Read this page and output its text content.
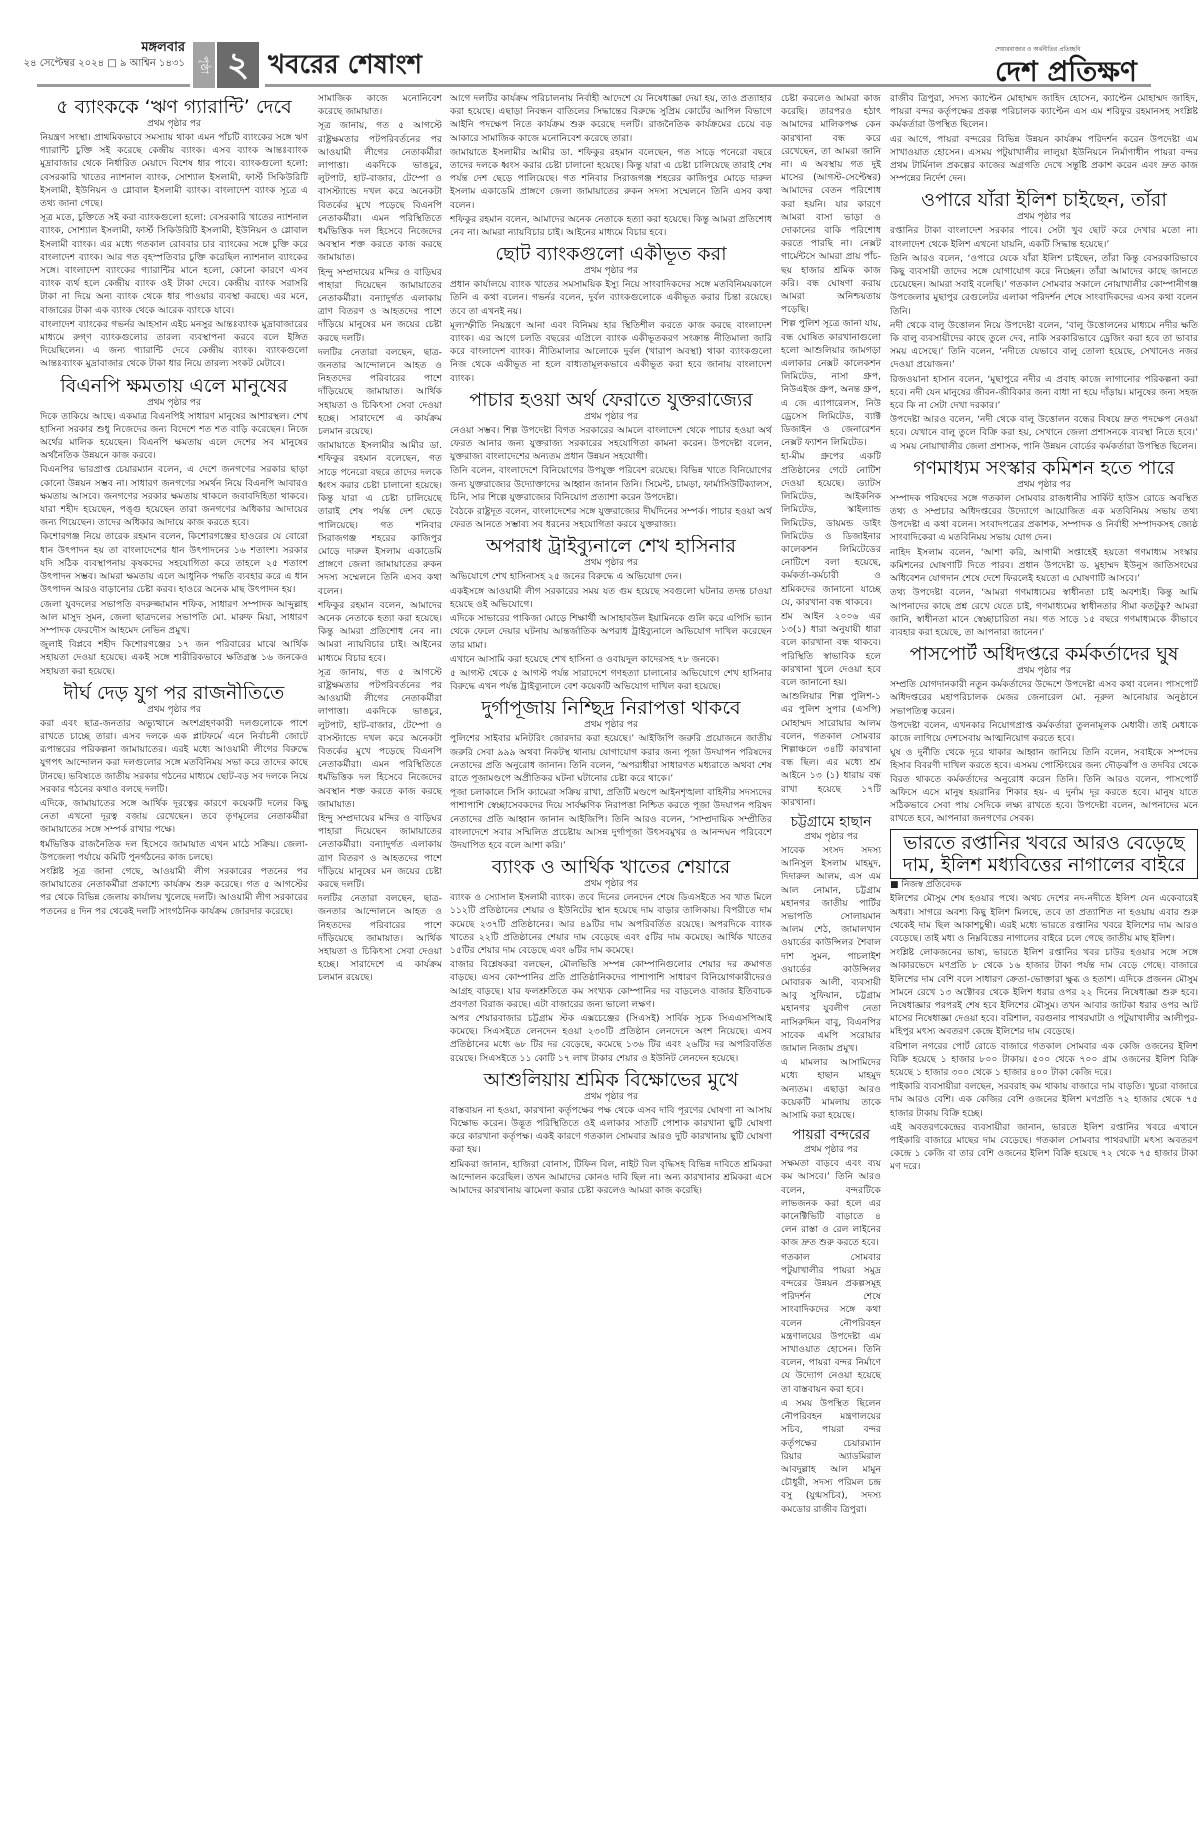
মঙ্গলবার
২৪ সেপ্টেম্বর ২০২৪ □ ৯ আশ্বিন ১৪৩১	পৃষ্ঠা ২ খবরের শেষাংশ
শেয়ারবাজার ও অর্থনীতির প্রতিচ্ছবি
দেশ প্রতিক্ষণ
৫ ব্যাংককে ‘ঋণ গ্যারান্টি’ দেবে
প্রথম পৃষ্ঠার পর

নিয়ন্ত্রণ সংস্থা। প্রাথমিকভাবে সমস্যায় থাকা এমন পাঁচটি ব্যাংকের সঙ্গে ঋণ গ্যারান্টি চুক্তি সই করেছে কেন্দ্রীয় ব্যাংক। এসব ব্যাংক আন্তঃব্যাংক মুদ্রাবাজার থেকে নির্ধারিত মেয়াদে বিশেষ ধার পাবে। ব্যাংকগুলো হলো: বেসরকারি খাতের ন্যাশনাল ব্যাংক, সোশ্যাল ইসলামী, ফার্স্ট সিকিউরিটি ইসলামী, ইউনিয়ন ও গ্লোবাল ইসলামী ব্যাংক। বাংলাদেশ ব্যাংক সূত্রে এ তথ্য জানা গেছে।

সূত্র মতে, চুক্তিতে সই করা ব্যাংকগুলো হলো: বেসরকারি খাতের ন্যাশনাল ব্যাংক, সোশ্যাল ইসলামী, ফার্স্ট সিকিউরিটি ইসলামী, ইউনিয়ন ও গ্লোবাল ইসলামী ব্যাংক। এর মধ্যে গতকাল রোববার চার ব্যাংকের সঙ্গে চুক্তি করে বাংলাদেশ ব্যাংক। আর গত বৃহস্পতিবার চুক্তি করেছিল ন্যাশনাল ব্যাংকের সঙ্গে। বাংলাদেশ ব্যাংকের গ্যারান্টির মানে হলো, কোনো কারণে এসব ব্যাংক ব্যর্থ হলে কেন্দ্রীয় ব্যাংক ওই টাকা দেবে। কেন্দ্রীয় ব্যাংক সরাসরি টাকা না দিয়ে অন্য ব্যাংক থেকে ধার পাওয়ার ব্যবস্থা করছে। এর মনে, বাজারের টাকা এক ব্যাংক থেকে আরেক ব্যাংকে যাবে।

বাংলাদেশ ব্যাংকের গভর্নর আহসান এইচ মনসুর আন্তঃব্যাংক মুদ্রাবাজারের মাধ্যমে রুগ্‌ণ ব্যাংকগুলোর তারল্য ব্যবস্থাপনা করবে বলে ইঙ্গিত দিয়েছিলেন। এ জন্য গ্যারান্টি দেবে কেন্দ্রীয় ব্যাংক। ব্যাংকগুলো আন্তঃব্যাংক মুদ্রাবাজার থেকে টাকা ধার নিয়ে তারল্য সংকট মেটাবে।

বিএনপি ক্ষমতায় এলে মানুষের
প্রথম পৃষ্ঠার পর

দিকে তাকিয়ে আছে। একমাত্র বিএনপিই সাধারণ মানুষের আশারস্থল। শেখ হাসিনা সরকার শুধু নিজেদের জন্য বিদেশে শত শত বাড়ি করেছেন। নিজে অর্থের মালিক হয়েছেন। বিএনপি ক্ষমতায় এলে দেশের সব মানুষের অর্থনৈতিক উন্নয়নে কাজ করবে।

বিএনপির ভারপ্রাপ্ত চেয়ারম্যান বলেন, এ দেশে জনগণের সরকার ছাড়া কোনো উন্নয়ন সম্ভব না। সাধারণ জনগণের সমর্থন নিয়ে বিএনপি আবারও ক্ষমতায় আসবে। জনগণের সরকার ক্ষমতায় থাকলে জবাবদিহিতা থাকবে। যারা শহীদ হয়েছেন, পঙ্গু হয়েছেন তারা জনগণের অধিকার আদায়ের জন্য গিয়েছেন। তাদের অধিকার আদায়ে কাজ করতে হবে।

কিশোরগঞ্জ নিয়ে তারেক রহমান বলেন, কিশোরগঞ্জের হাওরের যে বোরো ধান উৎপাদন হয় তা বাংলাদেশের ধান উৎপাদনের ১৬ শতাংশ। সরকার যদি সঠিক ব্যবস্থাপনায় কৃষকদের সহযোগিতা করে তাহলে ২৫ শতাংশ উৎপাদন সম্ভব। আমরা ক্ষমতায় এলে আধুনিক পদ্ধতি ব্যবহার করে এ ধান উৎপাদন আরও বাড়ানোর চেষ্টা করব। হাওরে অনেক মাছ উৎপাদন হয়।

জেলা যুবদলের সভাপতি বদরুজ্জামান শফিক, সাধারণ সম্পাদক আব্দুল্লাহ আল মাসুদ সুমন, জেলা ছাত্রদলের সভাপতি মো. মারুফ মিয়া, সাধারণ সম্পাদক ফেরদৌস আহমেদ নেভিন প্রমুখ।

জুলাই বিপ্লবে শহীদ কিশোরগঞ্জের ১৭ জন পরিবারের মাঝে আর্থিক সহায়তা দেওয়া হয়েছে। একই সঙ্গে শারীরিকভাবে ক্ষতিগ্রস্ত ১৬ জনকেও সহায়তা করা হয়েছে।

দীর্ঘ দেড় যুগ পর রাজনীতিতে
প্রথম পৃষ্ঠার পর

করা এবং ছাত্র-জনতার অভ্যুত্থানে অংশগ্রহণকারী দলগুলোকে পাশে রাখতে চাচ্ছে তারা। এসব দলকে এক প্লাটফর্মে এনে নির্বাচনী জোটে রূপান্তরের পরিকল্পনা জামায়াতের। এরই মধ্যে আওয়ামী লীগের বিরুদ্ধে যুগপৎ আন্দোলন করা দলগুলোর সঙ্গে মতবিনিময় সভা করে তাদের কাছে টানছে। ভবিষ্যতে জাতীয় সরকার গঠনের মাধ্যমে ছোট-বড় সব দলকে নিয়ে সরকার গঠনের কথাও বলছে দলটি।

এদিকে, জামায়াতের সঙ্গে আর্থিক দূরত্বের কারণে কয়েকটি দলের কিছু নেতা এখনো দূরত্ব বজায় রেখেছেন। তবে তৃণমূলের নেতাকর্মীরা জামায়াতের সঙ্গে সম্পর্ক রাখার পক্ষে।

ধর্মভিত্তিক রাজনৈতিক দল হিসেবে জামায়াত এখন মাঠে সক্রিয়। জেলা-উপজেলা পর্যায়ে কমিটি পুনর্গঠনের কাজ চলছে।

সংশ্লিষ্ট সূত্র জানা গেছে, আওয়ামী লীগ সরকারের পতনের পর জামায়াতের নেতাকর্মীরা প্রকাশ্যে কার্যক্রম শুরু করেছে। গত ৫ আগস্টের পর থেকে বিভিন্ন জেলায় কার্যালয় খুলেছে দলটি। আওয়ামী লীগ সরকারের পতনের ৪ দিন পর থেকেই দলটি সাংগঠনিক কার্যক্রম জোরদার করেছে।

সামাজিক কাজে মনোনিবেশ করেছে জামায়াত।

সূত্র জানায়, গত ৫ আগস্টে রাষ্ট্রক্ষমতার পটপরিবর্তনের পর আওয়ামী লীগের নেতাকর্মীরা লাপাত্তা। একদিকে ভাঙচুর, লুটপাট, হাট-বাজার, টেম্পো ও বাসস্ট্যান্ডে দখল করে অনেকটা বিতর্কের মুখে পড়েছে বিএনপি নেতাকর্মীরা। এমন পরিস্থিতিতে ধর্মভিত্তিক দল হিসেবে নিজেদের অবস্থান শক্ত করতে কাজ করছে জামায়াত।

হিন্দু সম্প্রদায়ের মন্দির ও বাড়িঘর পাহারা দিয়েছেন জামায়াতের নেতাকর্মীরা। বন্যাদুর্গত এলাকায় ত্রাণ বিতরণ ও আহতদের পাশে দাঁড়িয়ে মানুষের মন জয়ের চেষ্টা করছে দলটি।

দলটির নেতারা বলছেন, ছাত্র-জনতার আন্দোলনে আহত ও নিহতদের পরিবারের পাশে দাঁড়িয়েছে জামায়াত। আর্থিক সহায়তা ও চিকিৎসা সেবা দেওয়া হচ্ছে। সারাদেশে এ কার্যক্রম চলমান রয়েছে।

জামায়াতে ইসলামীর আমীর ডা. শফিকুর রহমান বলেছেন, গত সাড়ে পনেরো বছরে তাদের দলকে ধ্বংস করার চেষ্টা চালানো হয়েছে। কিন্তু যারা এ চেষ্টা চালিয়েছে তারাই শেষ পর্যন্ত দেশ ছেড়ে পালিয়েছে। গত শনিবার সিরাজগঞ্জ শহরের কাজিপুর মোড়ে দারুল ইসলাম একাডেমি প্রাঙ্গণে জেলা জামায়াতের রুকন সদস্য সম্মেলনে তিনি এসব কথা বলেন।

শফিকুর রহমান বলেন, আমাদের অনেক নেতাকে হত্যা করা হয়েছে। কিন্তু আমরা প্রতিশোধ নেব না। আমরা ন্যায়বিচার চাই। আইনের মাধ্যমে বিচার হবে।

সূত্র জানায়, গত ৫ আগস্টে রাষ্ট্রক্ষমতার পটপরিবর্তনের পর আওয়ামী লীগের নেতাকর্মীরা লাপাত্তা। একদিকে ভাঙচুর, লুটপাট, হাট-বাজার, টেম্পো ও বাসস্ট্যান্ডে দখল করে অনেকটা বিতর্কের মুখে পড়েছে বিএনপি নেতাকর্মীরা। এমন পরিস্থিতিতে ধর্মভিত্তিক দল হিসেবে নিজেদের অবস্থান শক্ত করতে কাজ করছে জামায়াত।

হিন্দু সম্প্রদায়ের মন্দির ও বাড়িঘর পাহারা দিয়েছেন জামায়াতের নেতাকর্মীরা। বন্যাদুর্গত এলাকায় ত্রাণ বিতরণ ও আহতদের পাশে দাঁড়িয়ে মানুষের মন জয়ের চেষ্টা করছে দলটি।

দলটির নেতারা বলছেন, ছাত্র-জনতার আন্দোলনে আহত ও নিহতদের পরিবারের পাশে দাঁড়িয়েছে জামায়াত। আর্থিক সহায়তা ও চিকিৎসা সেবা দেওয়া হচ্ছে। সারাদেশে এ কার্যক্রম চলমান রয়েছে।

আগে দলটির কার্যক্রম পরিচালনায় নির্বাহী আদেশে যে নিষেধাজ্ঞা দেয়া হয়, তাও প্রত্যাহার করা হয়েছে। এছাড়া নিবন্ধন বাতিলের সিদ্ধান্তের বিরুদ্ধে সুপ্রিম কোর্টের আপিল বিভাগে আইনি পদক্ষেপ নিতে কার্যক্রম শুরু করেছে দলটি। রাজনৈতিক কার্যক্রমের চেয়ে বড় আকারে সামাজিক কাজে মনোনিবেশ করেছে তারা।

জামায়াতে ইসলামীর আমীর ডা. শফিকুর রহমান বলেছেন, গত সাড়ে পনেরো বছরে তাদের দলকে ধ্বংস করার চেষ্টা চালানো হয়েছে। কিন্তু যারা এ চেষ্টা চালিয়েছে তারাই শেষ পর্যন্ত দেশ ছেড়ে পালিয়েছে। গত শনিবার সিরাজগঞ্জ শহরের কাজিপুর মোড়ে দারুল ইসলাম একাডেমি প্রাঙ্গণে জেলা জামায়াতের রুকন সদস্য সম্মেলনে তিনি এসব কথা বলেন।

শফিকুর রহমান বলেন, আমাদের অনেক নেতাকে হত্যা করা হয়েছে। কিন্তু আমরা প্রতিশোধ নেব না। আমরা ন্যায়বিচার চাই। আইনের মাধ্যমে বিচার হবে।

ছোট ব্যাংকগুলো একীভূত করা
প্রথম পৃষ্ঠার পর

প্রধান কার্যালয়ে ব্যাংক খাতের সমসাময়িক ইস্যু নিয়ে সাংবাদিকদের সঙ্গে মতবিনিময়কালে তিনি এ কথা বলেন। গভর্নর বলেন, দুর্বল ব্যাংকগুলোকে একীভূত করার চিন্তা রয়েছে। তবে তা এখনই নয়।

মূল্যস্ফীতি নিয়ন্ত্রণে আনা এবং বিনিময় হার স্থিতিশীল করতে কাজ করছে বাংলাদেশ ব্যাংক। এর আগে চলতি বছরের এপ্রিলে ব্যাংক একীভূতকরণ সংক্রান্ত নীতিমালা জারি করে বাংলাদেশ ব্যাংক। নীতিমালার আলোকে দুর্বল (খারাপ অবস্থা) থাকা ব্যাংকগুলো নিজ থেকে একীভূত না হলে বাধ্যতামূলকভাবে একীভূত করা হবে জানায় বাংলাদেশ ব্যাংক।

পাচার হওয়া অর্থ ফেরাতে যুক্তরাজ্যের
প্রথম পৃষ্ঠার পর

নেওয়া সম্ভব। শিল্প উপদেষ্টা বিগত সরকারের আমলে বাংলাদেশ থেকে পাচার হওয়া অর্থ ফেরত আনার জন্য যুক্তরাজ্য সরকারের সহযোগিতা কামনা করেন। উপদেষ্টা বলেন, যুক্তরাজ্য বাংলাদেশের অন্যতম প্রধান উন্নয়ন সহযোগী।

তিনি বলেন, বাংলাদেশে বিনিয়োগের উপযুক্ত পরিবেশ রয়েছে। বিভিন্ন খাতে বিনিয়োগের জন্য যুক্তরাজ্যের উদ্যোক্তাদের আহ্বান জানান তিনি। সিমেন্ট, চামড়া, ফার্মাসিউটিক্যালস, চিনি, সার শিল্পে যুক্তরাজ্যের বিনিয়োগ প্রত্যাশা করেন উপদেষ্টা।

বৈঠকে রাষ্ট্রদূত বলেন, বাংলাদেশের সঙ্গে যুক্তরাজ্যের দীর্ঘদিনের সম্পর্ক। পাচার হওয়া অর্থ ফেরত আনতে সম্ভাব্য সব ধরনের সহযোগিতা করবে যুক্তরাজ্য।

অপরাধ ট্রাইব্যুনালে শেখ হাসিনার
প্রথম পৃষ্ঠার পর

অভিযোগে শেখ হাসিনাসহ ২৫ জনের বিরুদ্ধে এ অভিযোগ দেন।

একইসঙ্গে আওয়ামী লীগ সরকারের সময় যত গুম হয়েছে সবগুলো ঘটনার তদন্ত চাওয়া হয়েছে ওই অভিযোগে।

এদিকে সাভারের পাকিজা মোড়ে শিক্ষার্থী আসাহাবউল ইয়ামিনকে গুলি করে এপিসি ভ্যান থেকে ফেলে দেয়ার ঘটনায় আন্তর্জাতিক অপরাধ ট্রাইব্যুনালে অভিযোগ দাখিল করেছেন তার মামা।

এখানে আসামি করা হয়েছে শেখ হাসিনা ও ওবায়দুল কাদেরসহ ৭৮ জনকে।

৫ আগস্ট থেকে ৫ আগস্ট পর্যন্ত সারাদেশে গণহত্যা চালানোর অভিযোগে শেখ হাসিনার বিরুদ্ধে এখন পর্যন্ত ট্রাইব্যুনালে বেশ কয়েকটি অভিযোগ দাখিল করা হয়েছে।

দুর্গাপূজায় নিশ্ছিদ্র নিরাপত্তা থাকবে
প্রথম পৃষ্ঠার পর

পুলিশের সাইবার মনিটরিং জোরদার করা হয়েছে।’ আইজিপি জরুরি প্রয়োজনে জাতীয় জরুরি সেবা ৯৯৯ অথবা নিকটস্থ থানায় যোগাযোগ করার জন্য পূজা উদযাপন পরিষদের নেতাদের প্রতি অনুরোধ জানান। তিনি বলেন, ‘অপরাধীরা সাধারণত মধ্যরাতে অথবা শেষ রাতে পূজামণ্ডপে অপ্রীতিকর ঘটনা ঘটানোর চেষ্টা করে থাকে।’

পূজা চলাকালে সিসি ক্যামেরা সক্রিয় রাখা, প্রতিটি মণ্ডপে আইনশৃঙ্খলা বাহিনীর সদস্যদের পাশাপাশি স্বেচ্ছাসেবকদের দিয়ে সার্বক্ষণিক নিরাপত্তা নিশ্চিত করতে পূজা উদযাপন পরিষদ নেতাদের প্রতি আহ্বান জানান আইজিপি। তিনি আরও বলেন, ‘সাম্প্রদায়িক সম্প্রীতির বাংলাদেশে সবার সম্মিলিত প্রচেষ্টায় আসন্ন দুর্গাপূজা উৎসবমুখর ও আনন্দঘন পরিবেশে উদযাপিত হবে বলে আশা করি।’

ব্যাংক ও আর্থিক খাতের শেয়ারে
প্রথম পৃষ্ঠার পর

ব্যাংক ও স্যোসাল ইসলামী ব্যাংক। তবে দিনের লেনদেন শেষে ডিএসইতে সব খাত মিলে ১১২টি প্রতিষ্ঠানের শেয়ার ও ইউনিটের স্থান হয়েছে দাম বাড়ার তালিকায়। বিপরীতে দাম কমেছে ২৩৭টি প্রতিষ্ঠানের। আর ৪৯টির দাম অপরিবর্তিত রয়েছে। অপরদিকে ব্যাংক খাতের ২২টি প্রতিষ্ঠানের শেয়ার দাম বেড়েছে এবং ৫টির দাম কমেছে। আর্থিক খাতের ১৫টির শেয়ার দাম বেড়েছে এবং ৬টির দাম কমেছে।

বাজার বিশ্লেষকরা বলছেন, মৌলভিত্তি সম্পন্ন কোম্পানিগুলোর শেয়ার দর ক্রমাগত বাড়ছে। এসব কোম্পানির প্রতি প্রাতিষ্ঠানিকদের পাশাপাশি সাধারণ বিনিয়োগকারীদেরও আগ্রহ বাড়ছে। যার ফলশ্রুতিতে কম সংখ্যক কোম্পানির দর বাড়লেও বাজার ইতিবাচক প্রবণতা বিরাজ করছে। এটা বাজারের জন্য ভালো লক্ষণ।

অপর শেয়ারবাজার চট্টগ্রাম স্টক এক্সচেঞ্জের (সিএসই) সার্বিক সূচক সিএএসপিআই কমেছে। সিএসইতে লেনদেন হওয়া ২৩০টি প্রতিষ্ঠান লেনদেনে অংশ নিয়েছে। এসব প্রতিষ্ঠানের মধ্যে ৬৮ টির দর বেড়েছে, কমেছে ১৩৬ টির এবং ২৬টির দর অপরিবর্তিত রয়েছে। সিএসইতে ১১ কোটি ১৭ লাখ টাকার শেয়ার ও ইউনিট লেনদেন হয়েছে।

আশুলিয়ায় শ্রমিক বিক্ষোভের মুখে
প্রথম পৃষ্ঠার পর

বাস্তবায়ন না হওয়া, কারখানা কর্তৃপক্ষের পক্ষ থেকে এসব দাবি পূরণের ঘোষণা না আসায় বিক্ষোভ করেন। উদ্ভূত পরিস্থিতিতে ওই এলাকার সাতটি পোশাক কারখানা ছুটি ঘোষণা করে কারখানা কর্তৃপক্ষ। একই কারণে গতকাল সোমবার আরও দুটি কারখানায় ছুটি ঘোষণা করা হয়।

শ্রমিকরা জানান, হাজিরা বোনাস, টিফিন বিল, নাইট বিল বৃদ্ধিসহ বিভিন্ন দাবিতে শ্রমিকরা আন্দোলন করেছিল। তখন আমাদের কোনও দাবি ছিল না। অন্য কারখানার শ্রমিকরা এসে আমাদের কারখানায় ঝামেলা করার চেষ্টা করলেও আমরা কাজ করেছি।

চেষ্টা করলেও আমরা কাজ করেছি। তারপরও হঠাৎ আমাদের মালিকপক্ষ কেন কারখানা বন্ধ করে রেখেছেন, তা আমরা জানি না। এ অবস্থায় গত দুই মাসের (আগস্ট-সেপ্টেম্বর) আমাদের বেতন পরিশোধ করা হয়নি। যার কারণে আমরা বাসা ভাড়া ও দোকানের বাকি পরিশোধ করতে পারছি না। নেক্সট গার্মেন্টসে আমরা প্রায় পাঁচ-ছয় হাজার শ্রমিক কাজ করি। বন্ধ ঘোষণা করায় আমরা অনিশ্চয়তায় পড়েছি।

শিল্প পুলিশ সূত্রে জানা যায়, বন্ধ ঘোষিত কারখানাগুলো হলো আশুলিয়ার জামগড়া এলাকার নেক্সট কালেকশন লিমিটেড, নাসা গ্রুপ, নিউএইজ গ্রুপ, অনন্ত গ্রুপ, এ জে এ্যাপারেলস, নিউ ড্রেসেস লিমিটেড, ব্যাক্ট ডিজাইন ও জেনারেশন নেক্সট ফ্যাশন লিমিটেড।

হা-মীম গ্রুপের একটি প্রতিষ্ঠানের গেটে নোটিশ দেওয়া হয়েছে। ড্যাটস লিমিটেড, আইকনিক লিমিটেড, স্কাইল্যান্ড লিমিটেড, ডায়মন্ড ডাইং লিমিটেড ও ডিজাইনার কালেকশন লিমিটেডের নোটিশে বলা হয়েছে, কর্মকর্তা-কর্মচারী ও শ্রমিকদের জানানো যাচ্ছে যে, কারখানা বন্ধ থাকবে।

শ্রম আইন ২০০৬ এর ১৩(১) ধারা অনুযায়ী ধারা বলে কারখানা বন্ধ থাকবে। পরিস্থিতি স্বাভাবিক হলে কারখানা খুলে দেওয়া হবে বলে জানানো হয়।

আশুলিয়ার শিল্প পুলিশ-১ এর পুলিশ সুপার (এসপি) মোহাম্মদ সারোয়ার আলম বলেন, গতকাল সোমবার শিল্পাঞ্চলে ৩৪টি কারখানা বন্ধ ছিল। এর মধ্যে শ্রম আইনে ১৩ (১) ধারায় বন্ধ রাখা হয়েছে ১৭টি কারখানা।

চট্টগ্রামে হাছান
প্রথম পৃষ্ঠার পর

সাবেক সংসদ সদস্য আনিসুল ইসলাম মাহমুদ, দিদারুল আলম, এস এম আল নোমান, চট্টগ্রাম মহানগর জাতীয় পার্টির সভাপতি সোলায়মান আলম শেঠ, জামালখান ওয়ার্ডের কাউন্সিলর শৈবাল দাশ সুমন, পাচলাইশ ওয়ার্ডের কাউন্সিলর মোবারক আলী, ব্যবসায়ী আবু সুফিয়ান, চট্টগ্রাম মহানগর যুবলীগ নেতা নাসিরুদ্দিন বাবু, বিএনপির সাবেক এমপি সরোয়ার জামাল নিজাম প্রমুখ।

এ মামলার আসামিদের মধ্যে হাছান মাহমুদ অন্যতম। এছাড়া আরও কয়েকটি মামলায় তাকে আসামি করা হয়েছে।

পায়রা বন্দরের
প্রথম পৃষ্ঠার পর

সক্ষমতা বাড়বে এবং ব্যয় কম আসবে।’ তিনি আরও বলেন, বন্দরটিকে লাভজনক করা হলে এর কানেক্টিভিটি বাড়াতে ৪ লেন রাস্তা ও রেল লাইনের কাজ দ্রুত শুরু করতে হবে।

গতকাল সোমবার পটুয়াখালীর পায়রা সমুদ্র বন্দরের উন্নয়ন প্রকল্পসমূহ পরিদর্শন শেষে সাংবাদিকদের সঙ্গে কথা বলেন নৌপরিবহন মন্ত্রণালয়ের উপদেষ্টা এম সাখাওয়াত হোসেন। তিনি বলেন, পায়রা বন্দর নির্মাণে যে উদ্যোগ নেওয়া হয়েছে তা বাস্তবায়ন করা হবে।

এ সময় উপস্থিত ছিলেন নৌপরিবহন মন্ত্রণালয়ের সচিব, পায়রা বন্দর কর্তৃপক্ষের চেয়ারম্যান রিয়ার অ্যাডমিরাল আবদুল্লাহ আল মামুন চৌধুরী, সদস্য পরিমল চন্দ্র বসু (যুগ্মসচিব), সদস্য কমডোর রাজীব ত্রিপুরা।

রাজীব ত্রিপুরা, সদস্য ক্যাপ্টেন মোহাম্মদ জাহিদ হোসেন, ক্যাপ্টেন মোহাম্মদ জাহিদ, পায়রা বন্দর কর্তৃপক্ষের প্রকল্প পরিচালক ক্যাপ্টেন এস এম শরিফুর রহমানসহ সংশ্লিষ্ট কর্মকর্তারা উপস্থিত ছিলেন।

এর আগে, পায়রা বন্দরের বিভিন্ন উন্নয়ন কার্যক্রম পরিদর্শন করেন উপদেষ্টা এম সাখাওয়াত হোসেন। এসময় পটুয়াখালীর লালুয়া ইউনিয়নে নির্মাণাধীন পায়রা বন্দর প্রথম টার্মিনাল প্রকল্পের কাজের অগ্রগতি দেখে সন্তুষ্টি প্রকাশ করেন এবং দ্রুত কাজ সম্পন্নের নির্দেশ দেন।

ওপারে যাঁরা ইলিশ চাইছেন, তাঁরা
প্রথম পৃষ্ঠার পর

রপ্তানির টাকা বাংলাদেশ সরকার পাবে। সেটা খুব ছোট করে দেখার মতো না। বাংলাদেশ থেকে ইলিশ এখনো যায়নি, একটি সিদ্ধান্ত হয়েছে।’

তিনি আরও বলেন, ‘ওপারে যেকে যাঁরা ইলিশ চাইছেন, তাঁরা কিন্তু বেসরকারিভাবে কিছু ব্যবসায়ী তাদের সঙ্গে যোগাযোগ করে নিচ্ছেন। তাঁরা আমাদের কাছে জানতে চেয়েছেন। আমরা সবাই বলেছি।’ গতকাল সোমবার সকালে নোয়াখালীর কোম্পানীগঞ্জ উপজেলার মুছাপুর রেগুলেটর এলাকা পরিদর্শন শেষে সাংবাদিকদের এসব কথা বলেন তিনি।

নদী থেকে বালু উত্তোলন নিয়ে উপদেষ্টা বলেন, ‘বালু উত্তোলনের মাধ্যমে নদীর ক্ষতি কি বালু ব্যবসায়ীদের কাছে তুলে দেব, নাকি সরকারিভাবে ড্রেজিং করা হবে তা ভাবার সময় এসেছে।’ তিনি বলেন, ‘নদীতে যেভাবে বালু তোলা হয়েছে, সেখানেও নজর দেওয়া প্রয়োজন।’

রিজওয়ানা হাসান বলেন, ‘মুছাপুরে নদীর এ প্রবাহ কাজে লাগানোর পরিকল্পনা করা হবে। নদী যেন মানুষের জীবন-জীবিকার জন্য বাধা না হয়ে দাঁড়ায়। মানুষের জন্য সহজ হবে কি না সেটা দেখা দরকার।’

উপদেষ্টা আরও বলেন, ‘নদী থেকে বালু উত্তোলন বন্ধের বিষয়ে দ্রুত পদক্ষেপ নেওয়া হবে। যেখানে বালু তুলে বিক্রি করা হয়, সেখানে জেলা প্রশাসনকে ব্যবস্থা নিতে হবে।’ এ সময় নোয়াখালীর জেলা প্রশাসক, পানি উন্নয়ন বোর্ডের কর্মকর্তারা উপস্থিত ছিলেন।

গণমাধ্যম সংস্কার কমিশন হতে পারে
প্রথম পৃষ্ঠার পর

সম্পাদক পরিষদের সঙ্গে গতকাল সোমবার রাজধানীর সার্কিট হাউস রোডে অবস্থিত তথ্য ও সম্প্রচার অধিদপ্তরের উদ্যোগে আয়োজিত এক মতবিনিময় সভায় তথ্য উপদেষ্টা এ কথা বলেন। সংবাদপত্রের প্রকাশক, সম্পাদক ও নির্বাহী সম্পাদকসহ জ্যেষ্ঠ সাংবাদিকেরা এ মতবিনিময় সভায় যোগ দেন।

নাহিদ ইসলাম বলেন, ‘আশা করি, আগামী সপ্তাহেই হয়তো গণমাধ্যম সংস্কার কমিশনের ঘোষণাটি দিতে পারব। প্রধান উপদেষ্টা ড. মুহাম্মদ ইউনুস জাতিসংঘের অধিবেশন যোগদান শেষে দেশে ফিরলেই হয়তো এ ঘোষণাটি আসবে।’

তথ্য উপদেষ্টা বলেন, ‘আমরা গণমাধ্যমের স্বাধীনতা চাই অবশ্যই। কিন্তু আমি আপনাদের কাছে প্রশ্ন রেখে যেতে চাই, গণমাধ্যমের স্বাধীনতার সীমা কতটুকু? আমরা জানি, স্বাধীনতা মানে স্বেচ্ছাচারিতা নয়। গত সাড়ে ১৫ বছরে গণমাধ্যমকে কীভাবে ব্যবহার করা হয়েছে, তা আপনারা জানেন।’

পাসপোর্ট অধিদপ্তরে কর্মকর্তাদের ঘুষ
প্রথম পৃষ্ঠার পর

সম্প্রতি যোগদানকারী নতুন কর্মকর্তাদের উদ্দেশে উপদেষ্টা এসব কথা বলেন। পাসপোর্ট অধিদপ্তরের মহাপরিচালক মেজর জেনারেল মো. নূরুল আনোয়ার অনুষ্ঠানে সভাপতিত্ব করেন।

উপদেষ্টা বলেন, এখনকার নিয়োগপ্রাপ্ত কর্মকর্তারা তুলনামূলক মেধাবী। তাই মেধাকে কাজে লাগিয়ে দেশসেবায় আত্মনিয়োগ করতে হবে।

ঘুষ ও দুর্নীতি থেকে দূরে থাকার আহ্বান জানিয়ে তিনি বলেন, সবাইকে সম্পদের হিসাব বিবরণী দাখিল করতে হবে। এসময় পোস্টিংয়ের জন্য দৌড়ঝাঁপ ও তদবির থেকে বিরত থাকতে কর্মকর্তাদের অনুরোধ করেন তিনি। তিনি আরও বলেন, পাসপোর্ট অফিসে এসে মানুষ হয়রানির শিকার হয়- এ দুর্নাম দূর করতে হবে। মানুষ যাতে সঠিকভাবে সেবা পায় সেদিকে লক্ষ্য রাখতে হবে। উপদেষ্টা বলেন, আপনাদের মনে রাখতে হবে, আপনারা জনগণের সেবক।

ভারতে রপ্তানির খবরে আরও বেড়েছে দাম, ইলিশ মধ্যবিত্তের নাগালের বাইরে
■ নিজস্ব প্রতিবেদক

ইলিশের মৌসুম শেষ হওয়ার পথে। অথচ দেশের নদ-নদীতে ইলিশ যেন একেবারেই অধরা। সাগরে অবশ্য কিছু ইলিশ মিলছে, তবে তা প্রত্যাশিত না হওয়ায় এবার শুরু থেকেই দাম ছিল আকাশচুম্বী। এরই মধ্যে ভারতে রপ্তানির খবরে ইলিশের দাম আরও বেড়েছে। তাই মধ্য ও নিম্নবিত্তের নাগালের বাইরে চলে গেছে জাতীয় মাছ ইলিশ।

সংশ্লিষ্ট লোকজনের ভাষ্য, ভারতে ইলিশ রপ্তানির খবর চাউর হওয়ার সঙ্গে সঙ্গে আকারভেদে মণপ্রতি ৮ থেকে ১৬ হাজার টাকা পর্যন্ত দাম বেড়ে গেছে। বাজারে ইলিশের দাম বেশি বলে সাধারণ ক্রেতা-ভোক্তারা ক্ষুব্ধ ও হতাশ। এদিকে প্রজনন মৌসুম সামনে রেখে ১৩ অক্টোবর থেকে ইলিশ ধরার ওপর ২২ দিনের নিষেধাজ্ঞা শুরু হবে। নিষেধাজ্ঞার পরপরই শেষ হবে ইলিশের মৌসুম। তখন আবার জাটকা ধরার ওপর আট মাসের নিষেধাজ্ঞা দেওয়া হবে। বরিশাল, বরগুনার পাথরঘাটা ও পটুয়াখালীর আলীপুর-মহিপুর মৎস্য অবতরণ কেন্দ্রে ইলিশের দাম বেড়েছে।

বরিশাল নগরের পোর্ট রোডে বাজারে গতকাল সোমবার এক কেজি ওজনের ইলিশ বিক্রি হয়েছে ১ হাজার ৮০০ টাকায়। ৫০০ থেকে ৭০০ গ্রাম ওজনের ইলিশ বিক্রি হয়েছে ১ হাজার ৩০০ থেকে ১ হাজার ৪০০ টাকা কেজি দরে।

পাইকারি ব্যবসায়ীরা বলছেন, সরবরাহ কম থাকায় বাজারে দাম বাড়তি। খুচরা বাজারে দাম আরও বেশি। এক কেজির বেশি ওজনের ইলিশ মণপ্রতি ৭২ হাজার থেকে ৭৫ হাজার টাকায় বিক্রি হচ্ছে।

এই অবতরণকেন্দ্রের ব্যবসায়ীরা জানান, ভারতে ইলিশ রপ্তানির খবরে এখানে পাইকারি বাজারে মাছের দাম বেড়েছে। গতকাল সোমবার পাথরঘাটা মৎস্য অবতরণ কেন্দ্রে ১ কেজি বা তার বেশি ওজনের ইলিশ বিক্রি হয়েছে ৭২ থেকে ৭৫ হাজার টাকা মণ দরে।
